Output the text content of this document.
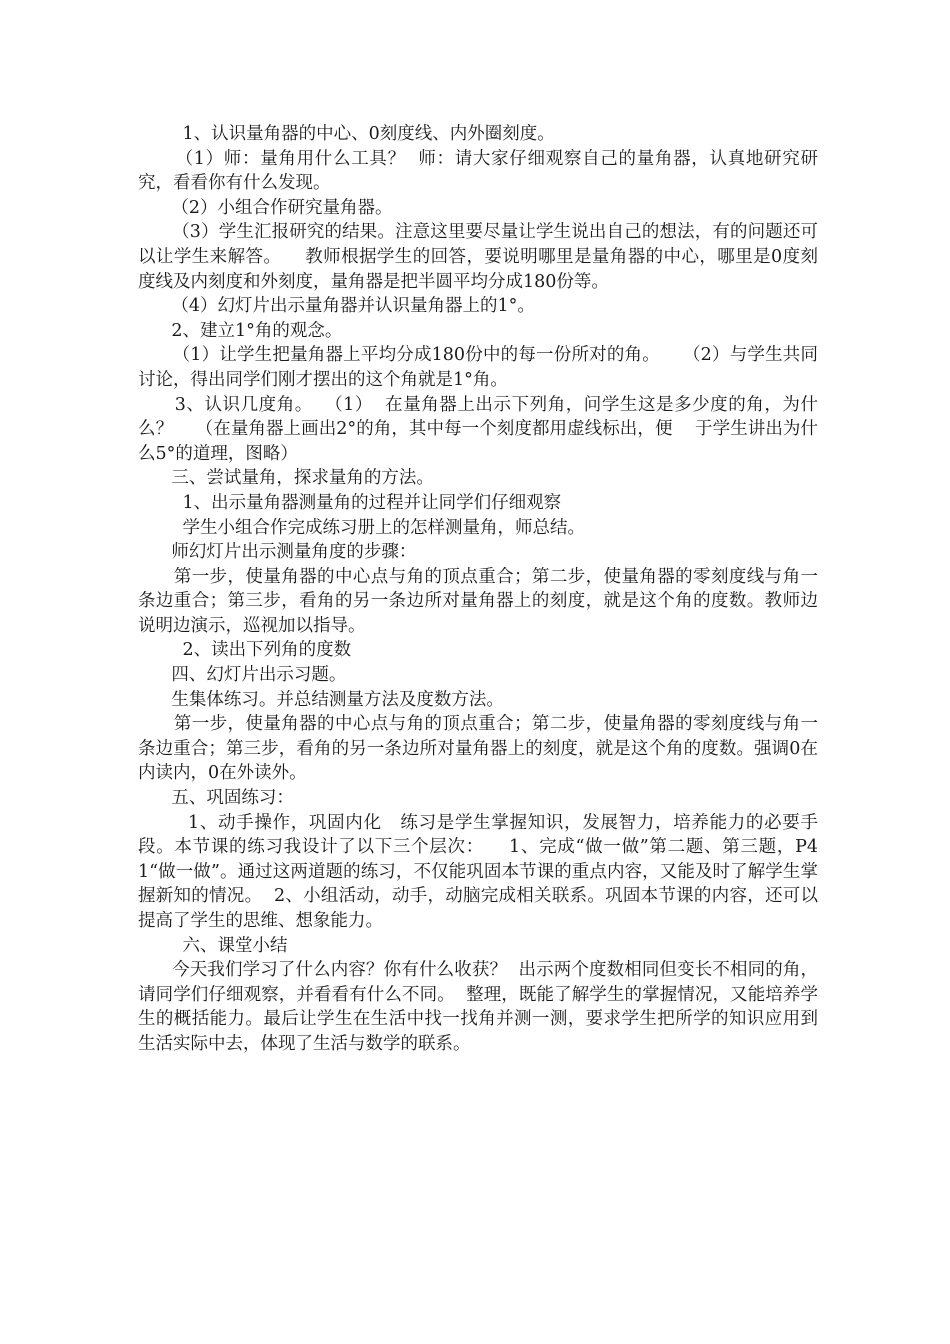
1、认识量角器的中心、0刻度线、内外圈刻度。

（1）师：量角用什么工具？  师：请大家仔细观察自己的量角器，认真地研究研究，看看你有什么发现。

（2）小组合作研究量角器。

（3）学生汇报研究的结果。注意这里要尽量让学生说出自己的想法，有的问题还可以让学生来解答。    教师根据学生的回答，要说明哪里是量角器的中心，哪里是0度刻度线及内刻度和外刻度，量角器是把半圆平均分成180份等。

（4）幻灯片出示量角器并认识量角器上的1°。

2、建立1°角的观念。

（1）让学生把量角器上平均分成180份中的每一份所对的角。    （2）与学生共同讨论，得出同学们刚才摆出的这个角就是1°角。

3、认识几度角。  （1）  在量角器上出示下列角，问学生这是多少度的角，为什么？    （在量角器上画出2°的角，其中每一个刻度都用虚线标出，便    于学生讲出为什么5°的道理，图略）

三、尝试量角，探求量角的方法。

1、出示量角器测量角的过程并让同学们仔细观察

学生小组合作完成练习册上的怎样测量角，师总结。

师幻灯片出示测量角度的步骤：

第一步，使量角器的中心点与角的顶点重合；第二步，使量角器的零刻度线与角一条边重合；第三步，看角的另一条边所对量角器上的刻度，就是这个角的度数。教师边说明边演示，巡视加以指导。

2、读出下列角的度数

四、幻灯片出示习题。

生集体练习。并总结测量方法及度数方法。

第一步，使量角器的中心点与角的顶点重合；第二步，使量角器的零刻度线与角一条边重合；第三步，看角的另一条边所对量角器上的刻度，就是这个角的度数。强调0在内读内，0在外读外。

五、巩固练习：

1、动手操作，巩固内化   练习是学生掌握知识，发展智力，培养能力的必要手段。本节课的练习我设计了以下三个层次：    1、完成“做一做”第二题、第三题，P41“做一做”。通过这两道题的练习，不仅能巩固本节课的重点内容，又能及时了解学生掌握新知的情况。  2、小组活动，动手，动脑完成相关联系。巩固本节课的内容，还可以提高了学生的思维、想象能力。

六、课堂小结

今天我们学习了什么内容？你有什么收获？  出示两个度数相同但变长不相同的角，请同学们仔细观察，并看看有什么不同。  整理，既能了解学生的掌握情况，又能培养学生的概括能力。最后让学生在生活中找一找角并测一测，要求学生把所学的知识应用到生活实际中去，体现了生活与数学的联系。
